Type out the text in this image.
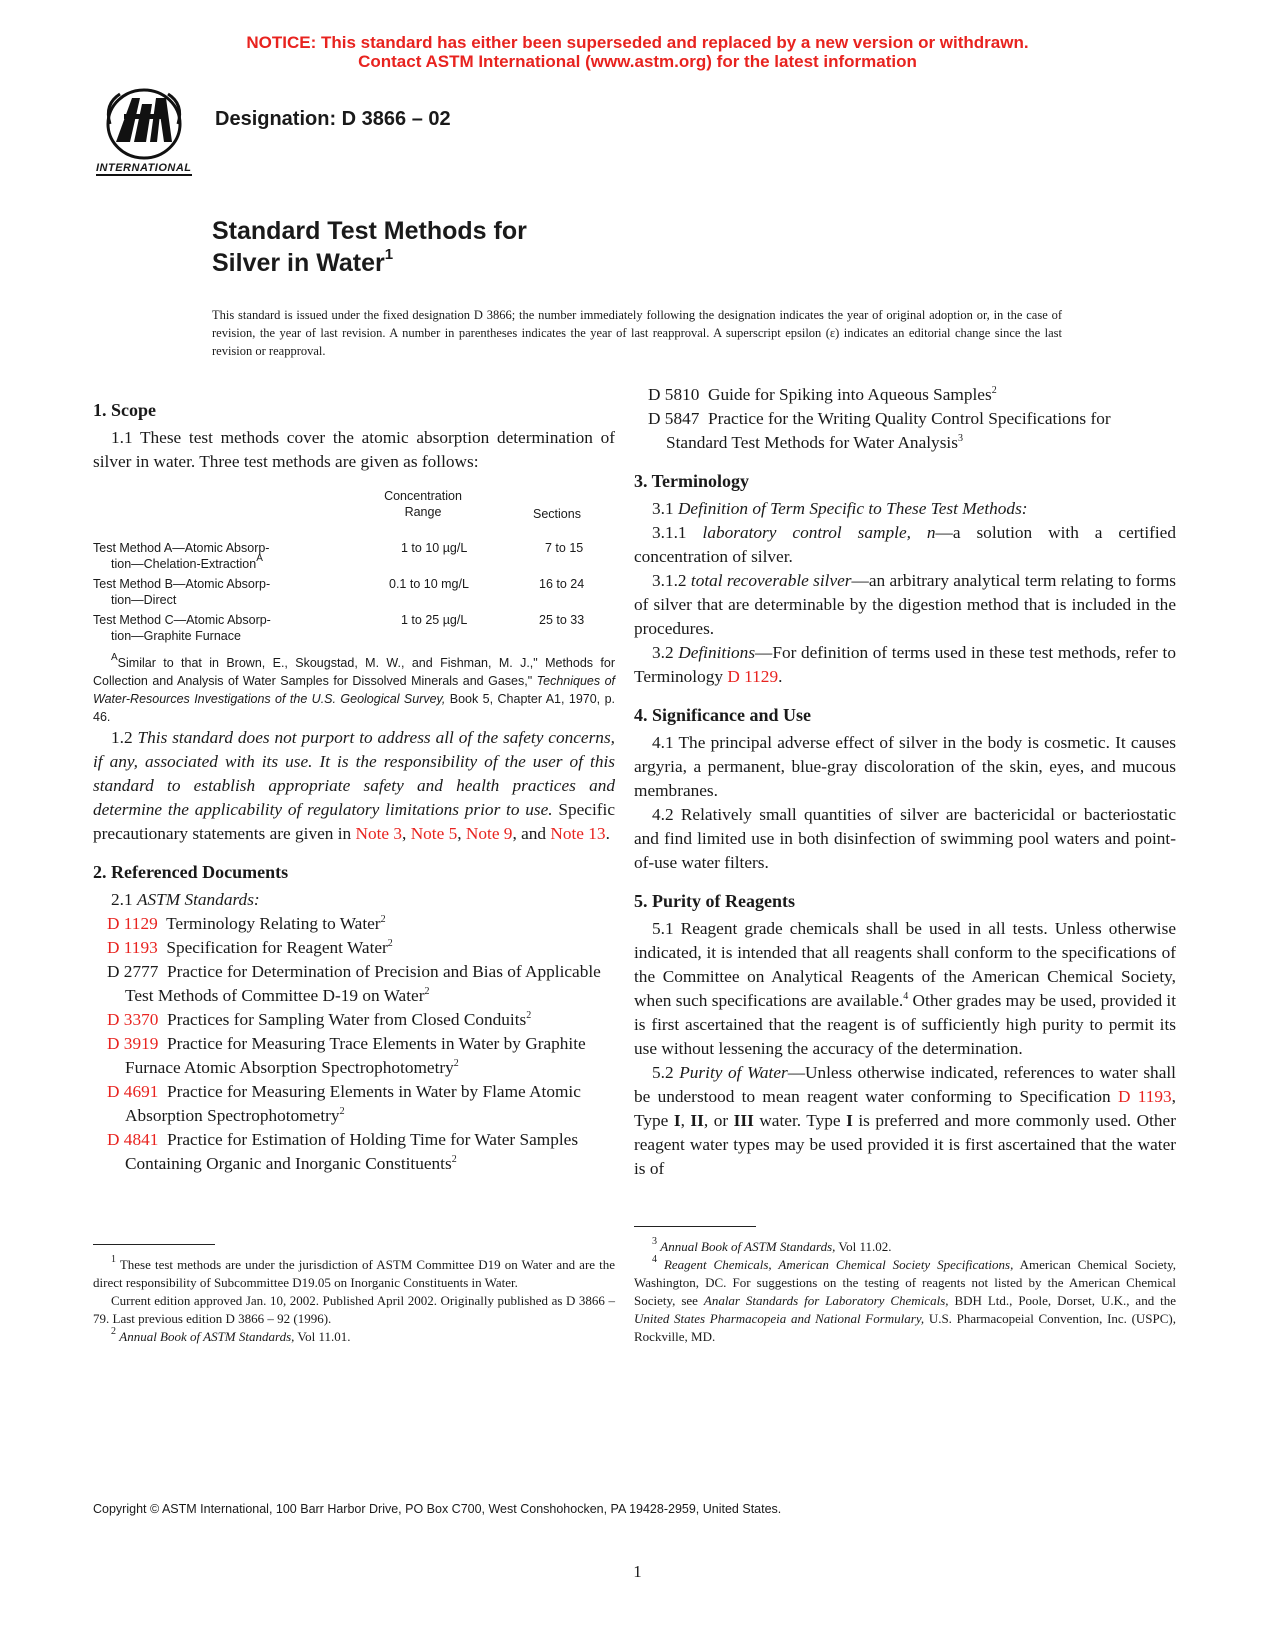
NOTICE: This standard has either been superseded and replaced by a new version or withdrawn.
Contact ASTM International (www.astm.org) for the latest information
INTERNATIONAL
Designation: D 3866 – 02
Standard Test Methods for
Silver in Water$^1$
This standard is issued under the fixed designation D 3866; the number immediately following the designation indicates the year of original adoption or, in the case of revision, the year of last revision. A number in parentheses indicates the year of last reapproval. A superscript epsilon (ε) indicates an editorial change since the last revision or reapproval.

1. Scope

1.1 These test methods cover the atomic absorption determination of silver in water. Three test methods are given as follows:

Concentration
Range	Sections
Test Method A—Atomic Absorp-
tion—Chelation-Extraction$^A$
1 to 10 µg/L	7 to 15
Test Method B—Atomic Absorp-
tion—Direct
0.1 to 10 mg/L	16 to 24
Test Method C—Atomic Absorp-
tion—Graphite Furnace
1 to 25 µg/L	25 to 33
$^A$Similar to that in Brown, E., Skougstad, M. W., and Fishman, M. J.," Methods for Collection and Analysis of Water Samples for Dissolved Minerals and Gases," Techniques of Water-Resources Investigations of the U.S. Geological Survey, Book 5, Chapter A1, 1970, p. 46.

1.2 This standard does not purport to address all of the safety concerns, if any, associated with its use. It is the responsibility of the user of this standard to establish appropriate safety and health practices and determine the applicability of regulatory limitations prior to use. Specific precautionary statements are given in Note 3, Note 5, Note 9, and Note 13.

2. Referenced Documents

2.1 ASTM Standards:

D 1129 Terminology Relating to Water$^2$

D 1193 Specification for Reagent Water$^2$

D 2777 Practice for Determination of Precision and Bias of Applicable Test Methods of Committee D-19 on Water$^2$

D 3370 Practices for Sampling Water from Closed Conduits$^2$

D 3919 Practice for Measuring Trace Elements in Water by Graphite Furnace Atomic Absorption Spectrophotometry$^2$

D 4691 Practice for Measuring Elements in Water by Flame Atomic Absorption Spectrophotometry$^2$

D 4841 Practice for Estimation of Holding Time for Water Samples Containing Organic and Inorganic Constituents$^2$

$^1$ These test methods are under the jurisdiction of ASTM Committee D19 on Water and are the direct responsibility of Subcommittee D19.05 on Inorganic Constituents in Water.
Current edition approved Jan. 10, 2002. Published April 2002. Originally published as D 3866 – 79. Last previous edition D 3866 – 92 (1996).
$^2$ Annual Book of ASTM Standards, Vol 11.01.

D 5810 Guide for Spiking into Aqueous Samples$^2$

D 5847 Practice for the Writing Quality Control Specifications for Standard Test Methods for Water Analysis$^3$

3. Terminology

3.1 Definition of Term Specific to These Test Methods:

3.1.1 laboratory control sample, n—a solution with a certified concentration of silver.

3.1.2 total recoverable silver—an arbitrary analytical term relating to forms of silver that are determinable by the digestion method that is included in the procedures.

3.2 Definitions—For definition of terms used in these test methods, refer to Terminology D 1129.

4. Significance and Use

4.1 The principal adverse effect of silver in the body is cosmetic. It causes argyria, a permanent, blue-gray discoloration of the skin, eyes, and mucous membranes.

4.2 Relatively small quantities of silver are bactericidal or bacteriostatic and find limited use in both disinfection of swimming pool waters and point-of-use water filters.

5. Purity of Reagents

5.1 Reagent grade chemicals shall be used in all tests. Unless otherwise indicated, it is intended that all reagents shall conform to the specifications of the Committee on Analytical Reagents of the American Chemical Society, when such specifications are available.$^4$ Other grades may be used, provided it is first ascertained that the reagent is of sufficiently high purity to permit its use without lessening the accuracy of the determination.

5.2 Purity of Water—Unless otherwise indicated, references to water shall be understood to mean reagent water conforming to Specification D 1193, Type I, II, or III water. Type I is preferred and more commonly used. Other reagent water types may be used provided it is first ascertained that the water is of

$^3$ Annual Book of ASTM Standards, Vol 11.02.
$^4$ Reagent Chemicals, American Chemical Society Specifications, American Chemical Society, Washington, DC. For suggestions on the testing of reagents not listed by the American Chemical Society, see Analar Standards for Laboratory Chemicals, BDH Ltd., Poole, Dorset, U.K., and the United States Pharmacopeia and National Formulary, U.S. Pharmacopeial Convention, Inc. (USPC), Rockville, MD.
Copyright © ASTM International, 100 Barr Harbor Drive, PO Box C700, West Conshohocken, PA 19428-2959, United States.
1
